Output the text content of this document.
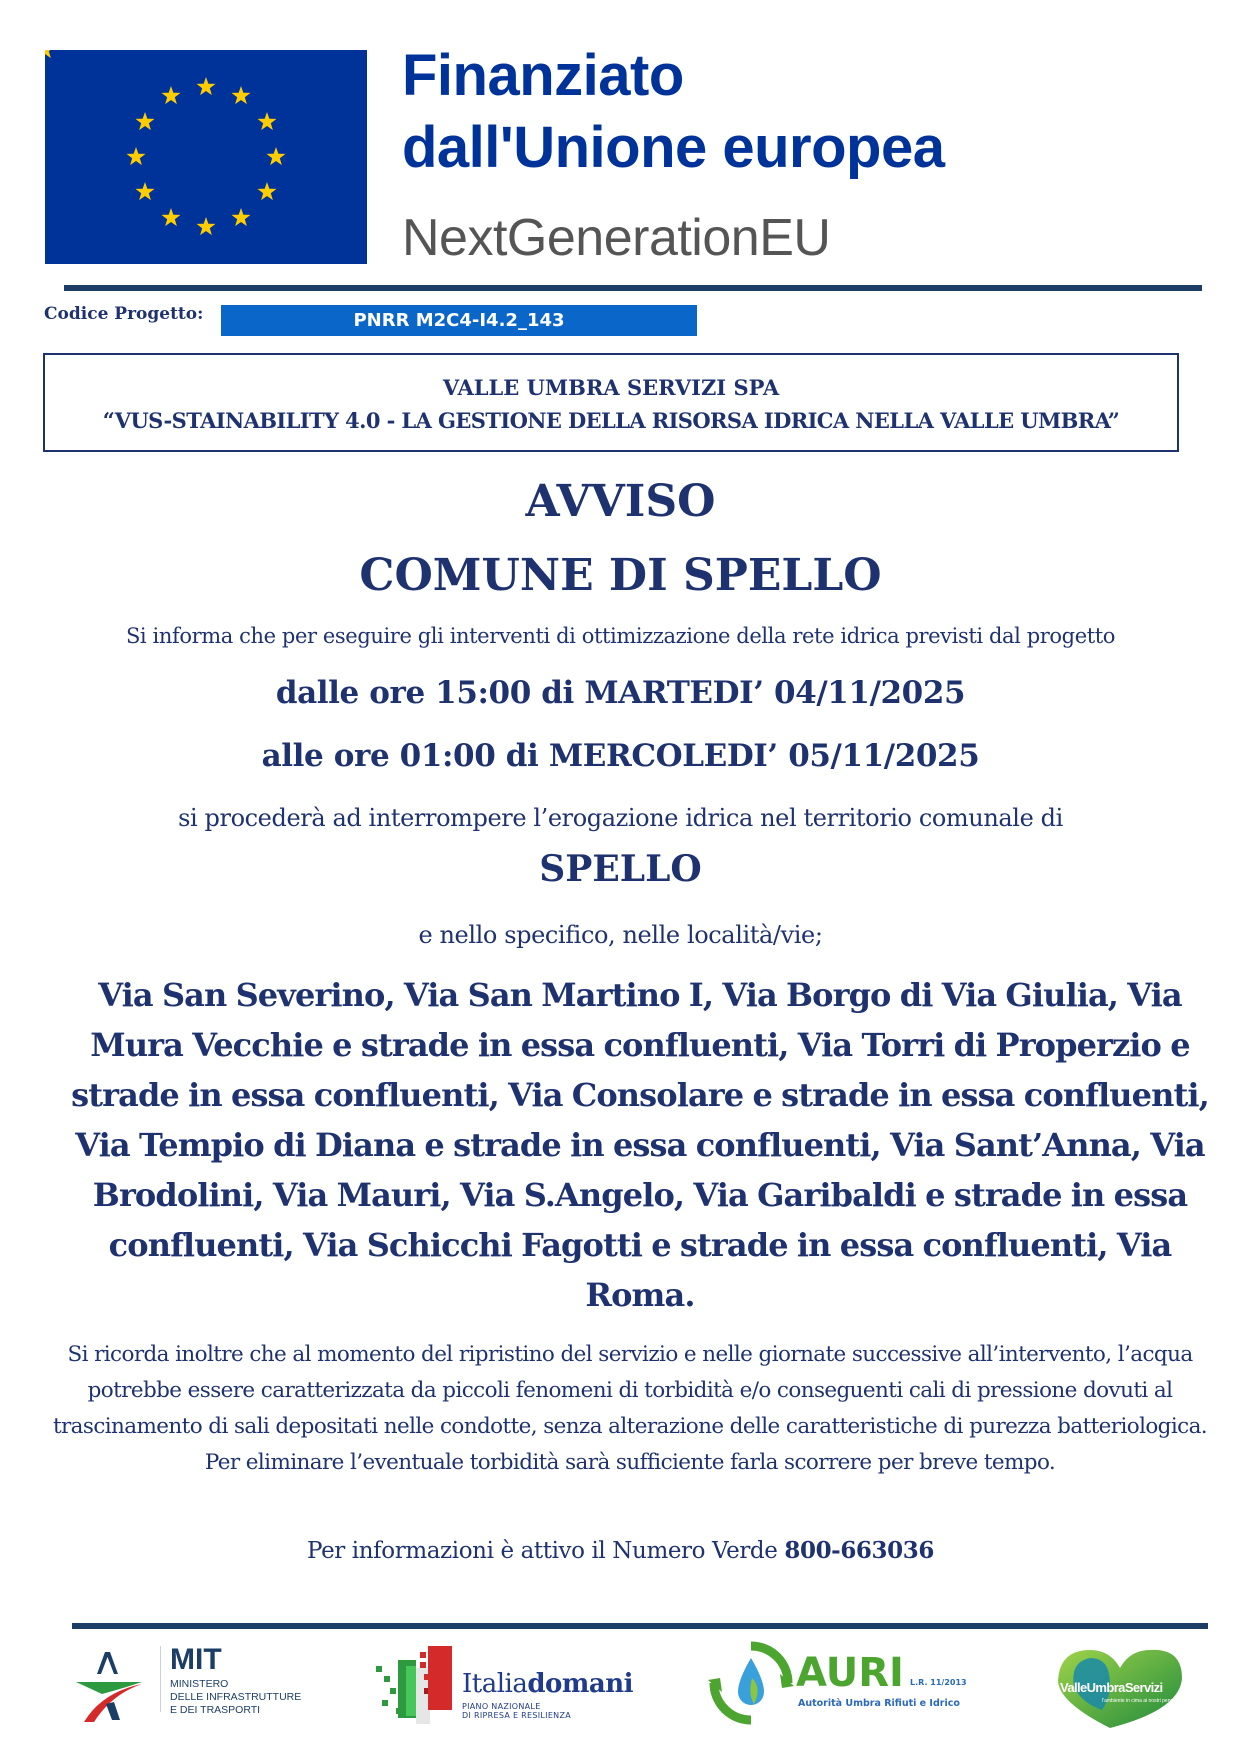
Finanziato
dall'Unione europea
NextGenerationEU
Codice Progetto:	PNRR M2C4-I4.2_143
VALLE UMBRA SERVIZI SPA
“VUS-STAINABILITY 4.0 - LA GESTIONE DELLA RISORSA IDRICA NELLA VALLE UMBRA”
AVVISO
COMUNE DI SPELLO
Si informa che per eseguire gli interventi di ottimizzazione della rete idrica previsti dal progetto
dalle ore 15:00 di MARTEDI’ 04/11/2025
alle ore 01:00 di MERCOLEDI’ 05/11/2025
si procederà ad interrompere l’erogazione idrica nel territorio comunale di
SPELLO
e nello specifico, nelle località/vie;
Via San Severino, Via San Martino I, Via Borgo di Via Giulia, Via Mura Vecchie e strade in essa confluenti, Via Torri di Properzio e strade in essa confluenti, Via Consolare e strade in essa confluenti, Via Tempio di Diana e strade in essa confluenti, Via Sant’Anna, Via Brodolini, Via Mauri, Via S.Angelo, Via Garibaldi e strade in essa confluenti, Via Schicchi Fagotti e strade in essa confluenti, Via Roma.
Si ricorda inoltre che al momento del ripristino del servizio e nelle giornate successive all’intervento, l’acqua potrebbe essere caratterizzata da piccoli fenomeni di torbidità e/o conseguenti cali di pressione dovuti al trascinamento di sali depositati nelle condotte, senza alterazione delle caratteristiche di purezza batteriologica. Per eliminare l’eventuale torbidità sarà sufficiente farla scorrere per breve tempo.
Per informazioni è attivo il Numero Verde 800-663036
MIT
MINISTERO
DELLE INFRASTRUTTURE
E DEI TRASPORTI
Italiadomani
PIANO NAZIONALE
DI RIPRESA E RESILIENZA
AURI L.R. 11/2013
Autorità Umbra Rifiuti e Idrico
ValleUmbraServizi
l'ambiente in cima ai nostri pensieri
